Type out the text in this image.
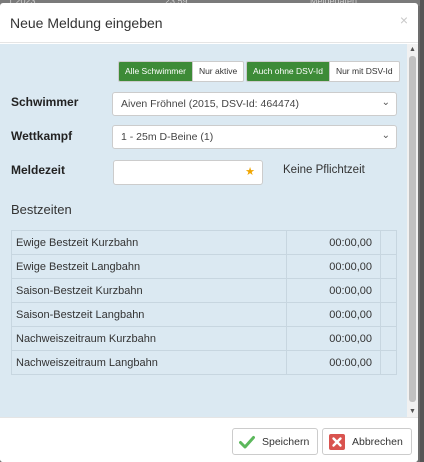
Neue Meldung eingeben	×
Alle Schwimmer	Nur aktive	Auch ohne DSV-Id	Nur mit DSV-Id
Schwimmer	Aiven Fröhnel (2015, DSV-Id: 464474)	⌄
Wettkampf	1 - 25m D-Beine (1)	⌄
Meldezeit	★ Keine Pflichtzeit
Bestzeiten
Ewige Bestzeit Kurzbahn	00:00,00	
Ewige Bestzeit Langbahn	00:00,00	
Saison-Bestzeit Kurzbahn	00:00,00	
Saison-Bestzeit Langbahn	00:00,00	
Nachweiszeitraum Kurzbahn	00:00,00	
Nachweiszeitraum Langbahn	00:00,00	
▲
▼
Speichern	Abbrechen
